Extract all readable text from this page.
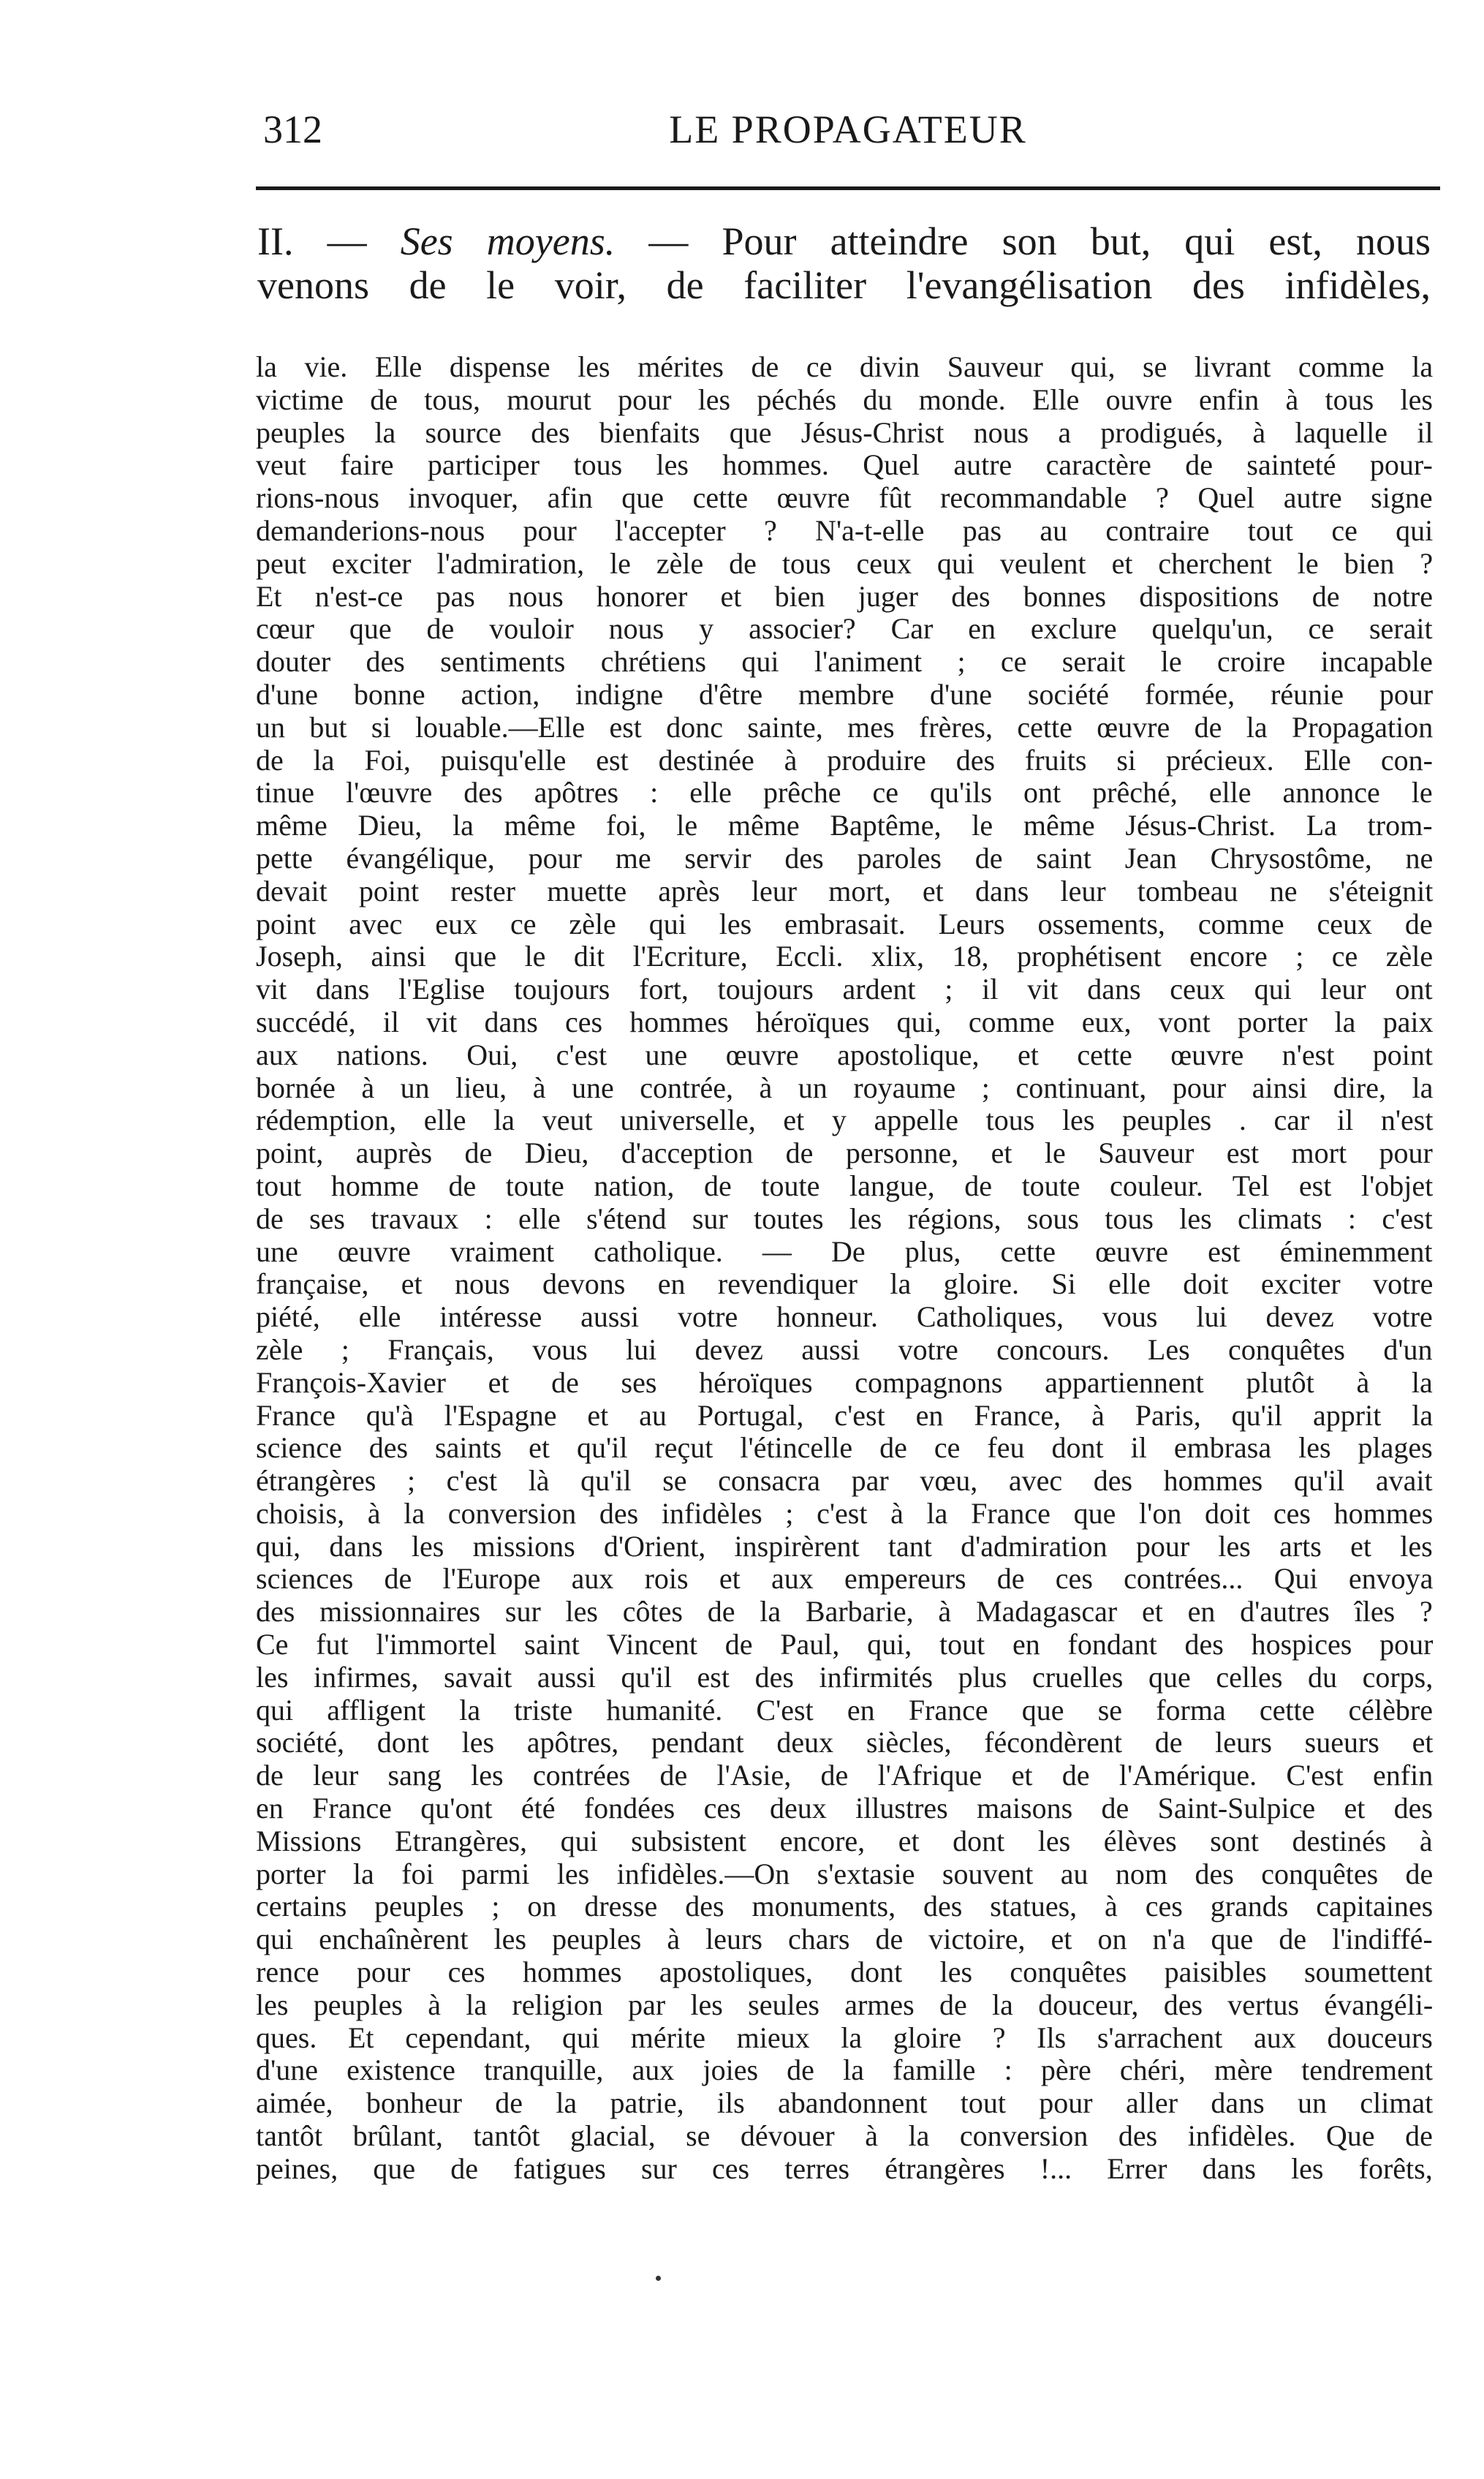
312	LE PROPAGATEUR
II. — Ses moyens. — Pour atteindre son but, qui est, nous
venons de le voir, de faciliter l'evangélisation des infidèles,
la vie. Elle dispense les mérites de ce divin Sauveur qui, se livrant comme la
victime de tous, mourut pour les péchés du monde. Elle ouvre enfin à tous les
peuples la source des bienfaits que Jésus-Christ nous a prodigués, à laquelle il
veut faire participer tous les hommes. Quel autre caractère de sainteté pour-
rions-nous invoquer, afin que cette œuvre fût recommandable ? Quel autre signe
demanderions-nous pour l'accepter ? N'a-t-elle pas au contraire tout ce qui
peut exciter l'admiration, le zèle de tous ceux qui veulent et cherchent le bien ?
Et n'est-ce pas nous honorer et bien juger des bonnes dispositions de notre
cœur que de vouloir nous y associer? Car en exclure quelqu'un, ce serait
douter des sentiments chrétiens qui l'animent ; ce serait le croire incapable
d'une bonne action, indigne d'être membre d'une société formée, réunie pour
un but si louable.—Elle est donc sainte, mes frères, cette œuvre de la Propagation
de la Foi, puisqu'elle est destinée à produire des fruits si précieux. Elle con-
tinue l'œuvre des apôtres : elle prêche ce qu'ils ont prêché, elle annonce le
même Dieu, la même foi, le même Baptême, le même Jésus-Christ. La trom-
pette évangélique, pour me servir des paroles de saint Jean Chrysostôme, ne
devait point rester muette après leur mort, et dans leur tombeau ne s'éteignit
point avec eux ce zèle qui les embrasait. Leurs ossements, comme ceux de
Joseph, ainsi que le dit l'Ecriture, Eccli. xlix, 18, prophétisent encore ; ce zèle
vit dans l'Eglise toujours fort, toujours ardent ; il vit dans ceux qui leur ont
succédé, il vit dans ces hommes héroïques qui, comme eux, vont porter la paix
aux nations. Oui, c'est une œuvre apostolique, et cette œuvre n'est point
bornée à un lieu, à une contrée, à un royaume ; continuant, pour ainsi dire, la
rédemption, elle la veut universelle, et y appelle tous les peuples . car il n'est
point, auprès de Dieu, d'acception de personne, et le Sauveur est mort pour
tout homme de toute nation, de toute langue, de toute couleur. Tel est l'objet
de ses travaux : elle s'étend sur toutes les régions, sous tous les climats : c'est
une œuvre vraiment catholique. — De plus, cette œuvre est éminemment
française, et nous devons en revendiquer la gloire. Si elle doit exciter votre
piété, elle intéresse aussi votre honneur. Catholiques, vous lui devez votre
zèle ; Français, vous lui devez aussi votre concours. Les conquêtes d'un
François-Xavier et de ses héroïques compagnons appartiennent plutôt à la
France qu'à l'Espagne et au Portugal, c'est en France, à Paris, qu'il apprit la
science des saints et qu'il reçut l'étincelle de ce feu dont il embrasa les plages
étrangères ; c'est là qu'il se consacra par vœu, avec des hommes qu'il avait
choisis, à la conversion des infidèles ; c'est à la France que l'on doit ces hommes
qui, dans les missions d'Orient, inspirèrent tant d'admiration pour les arts et les
sciences de l'Europe aux rois et aux empereurs de ces contrées... Qui envoya
des missionnaires sur les côtes de la Barbarie, à Madagascar et en d'autres îles ?
Ce fut l'immortel saint Vincent de Paul, qui, tout en fondant des hospices pour
les infirmes, savait aussi qu'il est des infirmités plus cruelles que celles du corps,
qui affligent la triste humanité. C'est en France que se forma cette célèbre
société, dont les apôtres, pendant deux siècles, fécondèrent de leurs sueurs et
de leur sang les contrées de l'Asie, de l'Afrique et de l'Amérique. C'est enfin
en France qu'ont été fondées ces deux illustres maisons de Saint-Sulpice et des
Missions Etrangères, qui subsistent encore, et dont les élèves sont destinés à
porter la foi parmi les infidèles.—On s'extasie souvent au nom des conquêtes de
certains peuples ; on dresse des monuments, des statues, à ces grands capitaines
qui enchaînèrent les peuples à leurs chars de victoire, et on n'a que de l'indiffé-
rence pour ces hommes apostoliques, dont les conquêtes paisibles soumettent
les peuples à la religion par les seules armes de la douceur, des vertus évangéli-
ques. Et cependant, qui mérite mieux la gloire ? Ils s'arrachent aux douceurs
d'une existence tranquille, aux joies de la famille : père chéri, mère tendrement
aimée, bonheur de la patrie, ils abandonnent tout pour aller dans un climat
tantôt brûlant, tantôt glacial, se dévouer à la conversion des infidèles. Que de
peines, que de fatigues sur ces terres étrangères !... Errer dans les forêts,
